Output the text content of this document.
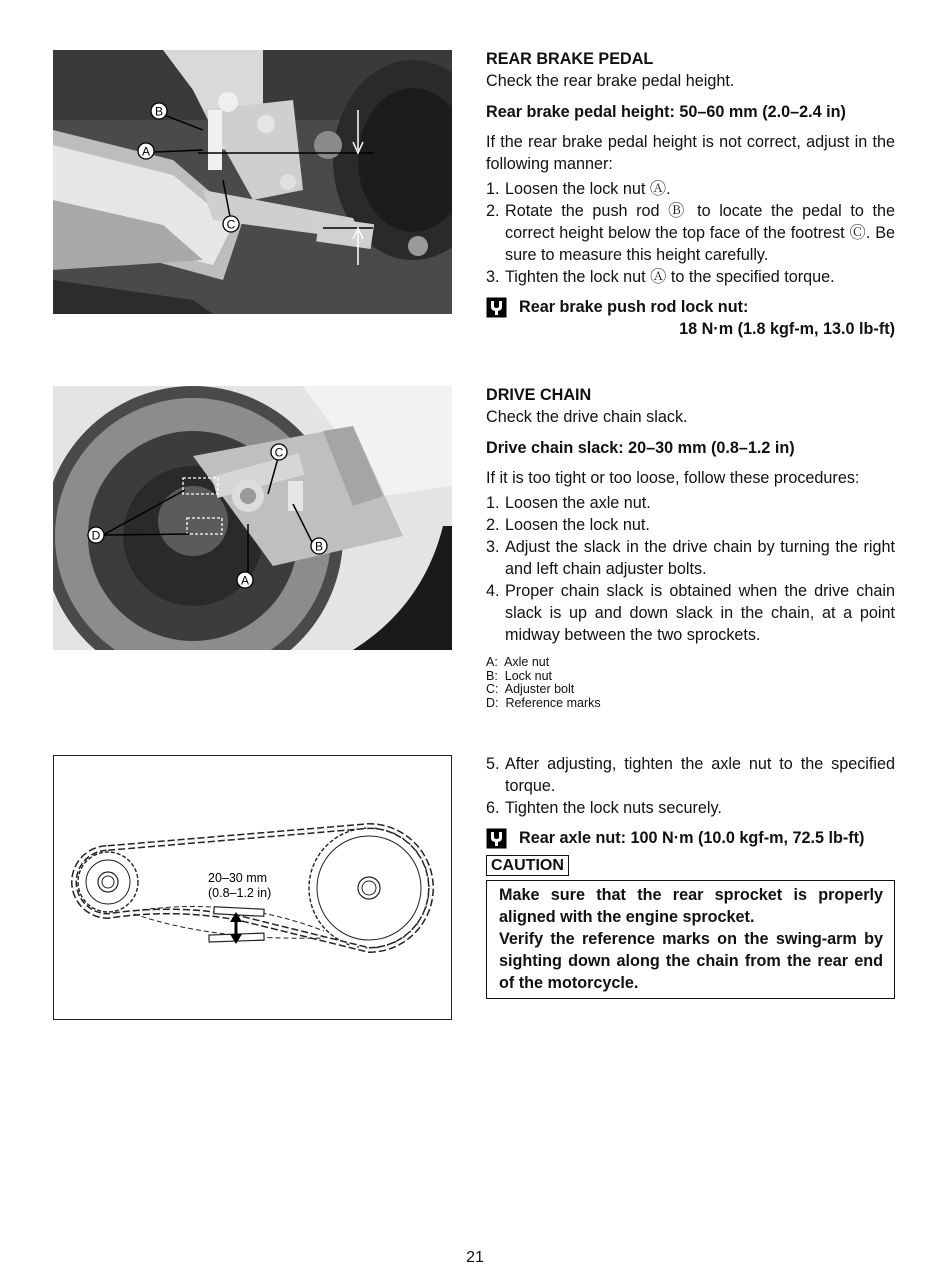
B
A
C
D
A
B
C
20–30 mm
(0.8–1.2 in)

REAR BRAKE PEDAL

Check the rear brake pedal height.

Rear brake pedal height: 50–60 mm (2.0–2.4 in)

If the rear brake pedal height is not correct, adjust in the following manner:

1. Loosen the lock nut Ⓐ.
2. Rotate the push rod Ⓑ to locate the pedal to the correct height below the top face of the footrest Ⓒ. Be sure to measure this height carefully.
3. Tighten the lock nut Ⓐ to the specified torque.
Rear brake push rod lock nut:
18 N·m (1.8 kgf-m, 13.0 lb-ft)

DRIVE CHAIN

Check the drive chain slack.

Drive chain slack: 20–30 mm (0.8–1.2 in)

If it is too tight or too loose, follow these procedures:

1. Loosen the axle nut.
2. Loosen the lock nut.
3. Adjust the slack in the drive chain by turning the right and left chain adjuster bolts.
4. Proper chain slack is obtained when the drive chain slack is up and down slack in the chain, at a point midway between the two sprockets.
A:  Axle nut
B:  Lock nut
C:  Adjuster bolt
D:  Reference marks
5. After adjusting, tighten the axle nut to the specified torque.
6. Tighten the lock nuts securely.
Rear axle nut: 100 N·m (10.0 kgf-m, 72.5 lb-ft)
CAUTION
Make sure that the rear sprocket is properly aligned with the engine sprocket.
Verify the reference marks on the swing-arm by sighting down along the chain from the rear end of the motorcycle.
21
